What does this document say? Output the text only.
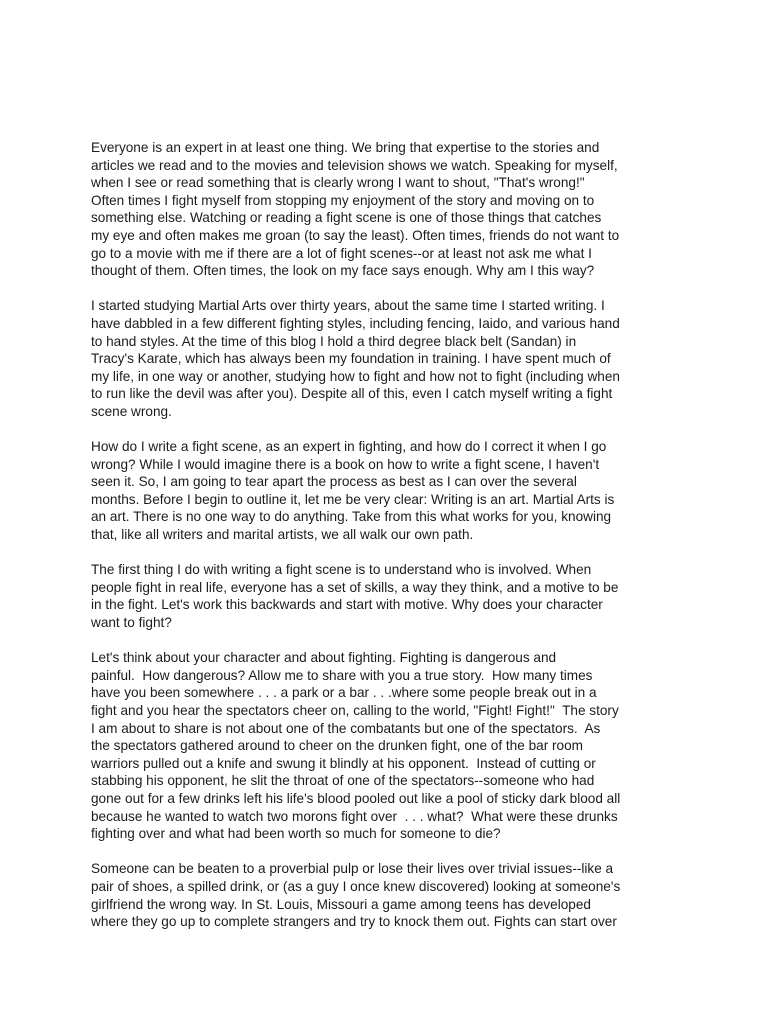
Everyone is an expert in at least one thing. We bring that expertise to the stories and
articles we read and to the movies and television shows we watch. Speaking for myself,
when I see or read something that is clearly wrong I want to shout, "That's wrong!"
Often times I fight myself from stopping my enjoyment of the story and moving on to
something else. Watching or reading a fight scene is one of those things that catches
my eye and often makes me groan (to say the least). Often times, friends do not want to
go to a movie with me if there are a lot of fight scenes--or at least not ask me what I
thought of them. Often times, the look on my face says enough. Why am I this way?

I started studying Martial Arts over thirty years, about the same time I started writing. I
have dabbled in a few different fighting styles, including fencing, Iaido, and various hand
to hand styles. At the time of this blog I hold a third degree black belt (Sandan) in
Tracy's Karate, which has always been my foundation in training. I have spent much of
my life, in one way or another, studying how to fight and how not to fight (including when
to run like the devil was after you). Despite all of this, even I catch myself writing a fight
scene wrong.

How do I write a fight scene, as an expert in fighting, and how do I correct it when I go
wrong? While I would imagine there is a book on how to write a fight scene, I haven't
seen it. So, I am going to tear apart the process as best as I can over the several
months. Before I begin to outline it, let me be very clear: Writing is an art. Martial Arts is
an art. There is no one way to do anything. Take from this what works for you, knowing
that, like all writers and marital artists, we all walk our own path.

The first thing I do with writing a fight scene is to understand who is involved. When
people fight in real life, everyone has a set of skills, a way they think, and a motive to be
in the fight. Let's work this backwards and start with motive. Why does your character
want to fight?

Let's think about your character and about fighting. Fighting is dangerous and
painful.  How dangerous? Allow me to share with you a true story.  How many times
have you been somewhere . . . a park or a bar . . .where some people break out in a
fight and you hear the spectators cheer on, calling to the world, "Fight! Fight!"  The story
I am about to share is not about one of the combatants but one of the spectators.  As
the spectators gathered around to cheer on the drunken fight, one of the bar room
warriors pulled out a knife and swung it blindly at his opponent.  Instead of cutting or
stabbing his opponent, he slit the throat of one of the spectators--someone who had
gone out for a few drinks left his life's blood pooled out like a pool of sticky dark blood all
because he wanted to watch two morons fight over  . . . what?  What were these drunks
fighting over and what had been worth so much for someone to die?

Someone can be beaten to a proverbial pulp or lose their lives over trivial issues--like a
pair of shoes, a spilled drink, or (as a guy I once knew discovered) looking at someone's
girlfriend the wrong way. In St. Louis, Missouri a game among teens has developed
where they go up to complete strangers and try to knock them out. Fights can start over
